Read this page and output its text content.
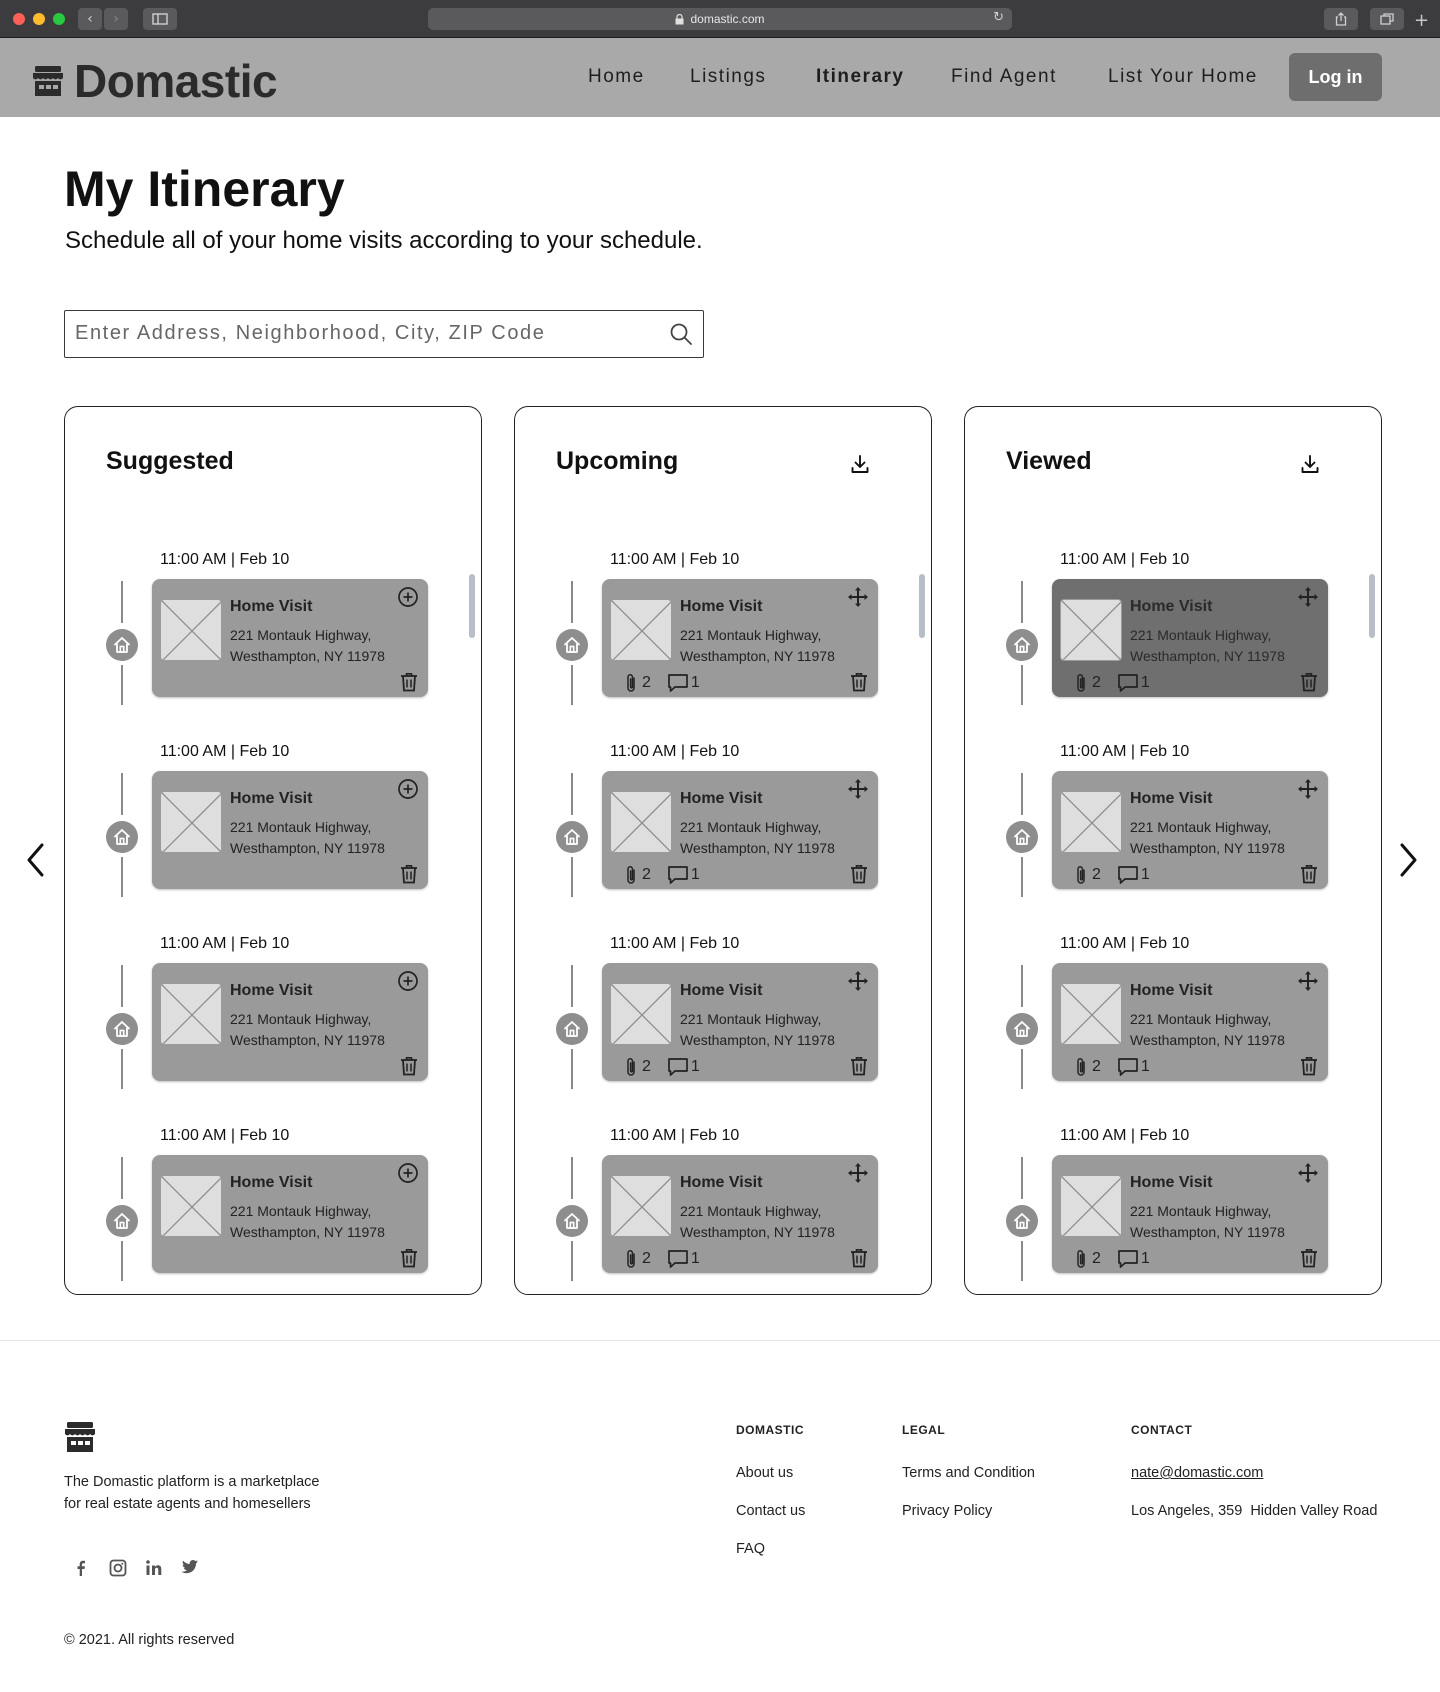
‹	›	domastic.com	↻	+
Domastic	Home Listings	Itinerary Find Agent	List Your Home	Log in
My Itinerary

Schedule all of your home visits according to your schedule.

Enter Address, Neighborhood, City, ZIP Code
Suggested
11:00 AM | Feb 10
Home Visit
221 Montauk Highway,
Westhampton, NY 11978
11:00 AM | Feb 10
Home Visit
221 Montauk Highway,
Westhampton, NY 11978
11:00 AM | Feb 10
Home Visit
221 Montauk Highway,
Westhampton, NY 11978
11:00 AM | Feb 10
Home Visit
221 Montauk Highway,
Westhampton, NY 11978
Upcoming
11:00 AM | Feb 10
Home Visit
221 Montauk Highway,
Westhampton, NY 11978
2	1
11:00 AM | Feb 10
Home Visit
221 Montauk Highway,
Westhampton, NY 11978
2	1
11:00 AM | Feb 10
Home Visit
221 Montauk Highway,
Westhampton, NY 11978
2	1
11:00 AM | Feb 10
Home Visit
221 Montauk Highway,
Westhampton, NY 11978
2	1
Viewed
11:00 AM | Feb 10
Home Visit
221 Montauk Highway,
Westhampton, NY 11978
2	1
11:00 AM | Feb 10
Home Visit
221 Montauk Highway,
Westhampton, NY 11978
2	1
11:00 AM | Feb 10
Home Visit
221 Montauk Highway,
Westhampton, NY 11978
2	1
11:00 AM | Feb 10
Home Visit
221 Montauk Highway,
Westhampton, NY 11978
2	1
The Domastic platform is a marketplace
for real estate agents and homesellers
DOMASTIC
About us
Contact us
FAQ
LEGAL
Terms and Condition
Privacy Policy
CONTACT
nate@domastic.com
Los Angeles, 359  Hidden Valley Road
© 2021. All rights reserved
